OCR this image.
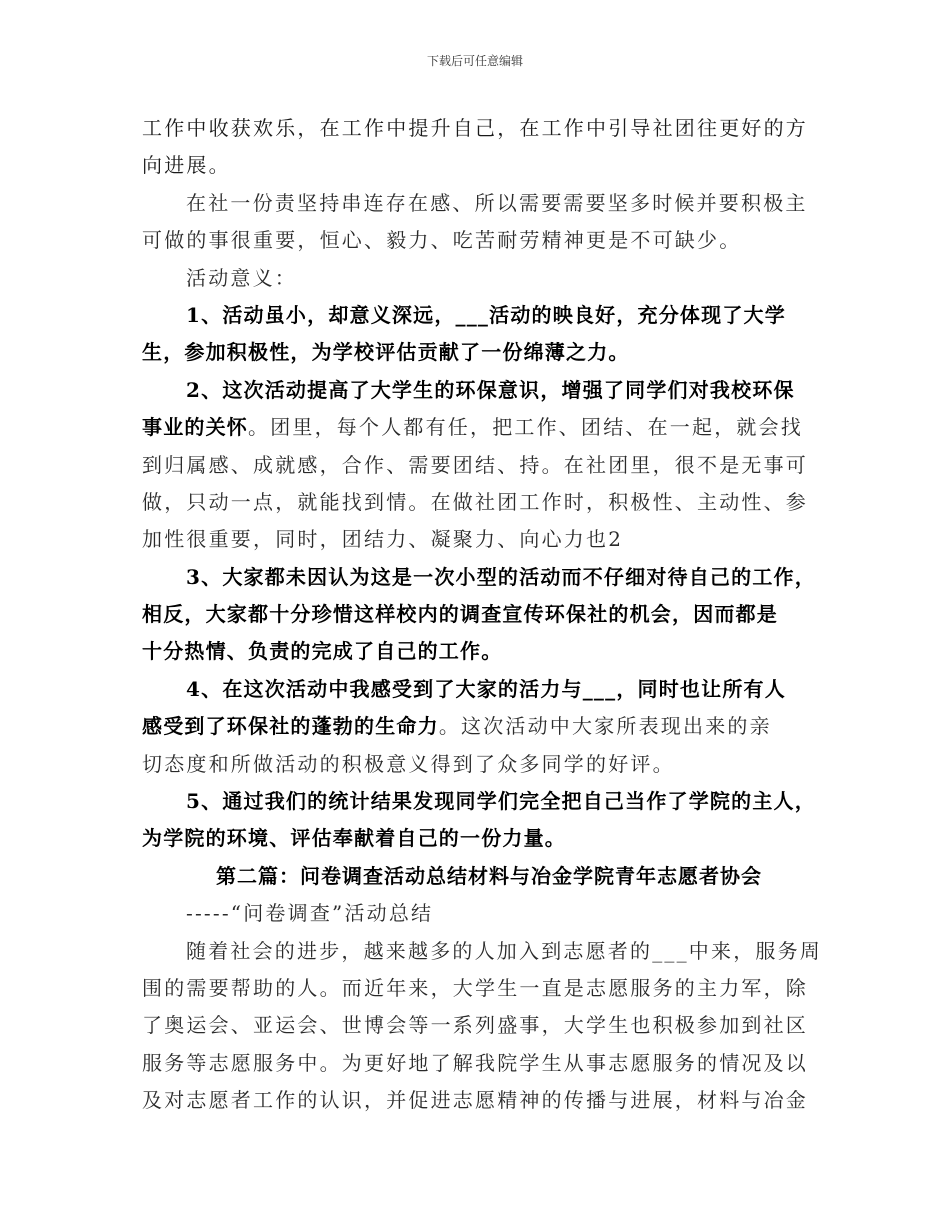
下载后可任意编辑
工作中收获欢乐，在工作中提升自己，在工作中引导社团往更好的方
向进展。
在社一份责坚持串连存在感、所以需要需要坚多时候并要积极主
可做的事很重要，恒心、毅力、吃苦耐劳精神更是不可缺少。
活动意义：
1、活动虽小，却意义深远，___活动的映良好，充分体现了大学
生，参加积极性，为学校评估贡献了一份绵薄之力。
2、这次活动提高了大学生的环保意识，增强了同学们对我校环保
事业的关怀。团里，每个人都有任，把工作、团结、在一起，就会找
到归属感、成就感，合作、需要团结、持。在社团里，很不是无事可
做，只动一点，就能找到情。在做社团工作时，积极性、主动性、参
加性很重要，同时，团结力、凝聚力、向心力也2
3、大家都未因认为这是一次小型的活动而不仔细对待自己的工作，
相反，大家都十分珍惜这样校内的调查宣传环保社的机会，因而都是
十分热情、负责的完成了自己的工作。
4、在这次活动中我感受到了大家的活力与___，同时也让所有人
感受到了环保社的蓬勃的生命力。这次活动中大家所表现出来的亲
切态度和所做活动的积极意义得到了众多同学的好评。
5、通过我们的统计结果发现同学们完全把自己当作了学院的主人，
为学院的环境、评估奉献着自己的一份力量。
第二篇：问卷调查活动总结材料与冶金学院青年志愿者协会
-----“问卷调查”活动总结
随着社会的进步，越来越多的人加入到志愿者的___中来，服务周
围的需要帮助的人。而近年来，大学生一直是志愿服务的主力军，除
了奥运会、亚运会、世博会等一系列盛事，大学生也积极参加到社区
服务等志愿服务中。为更好地了解我院学生从事志愿服务的情况及以
及对志愿者工作的认识，并促进志愿精神的传播与进展，材料与冶金
